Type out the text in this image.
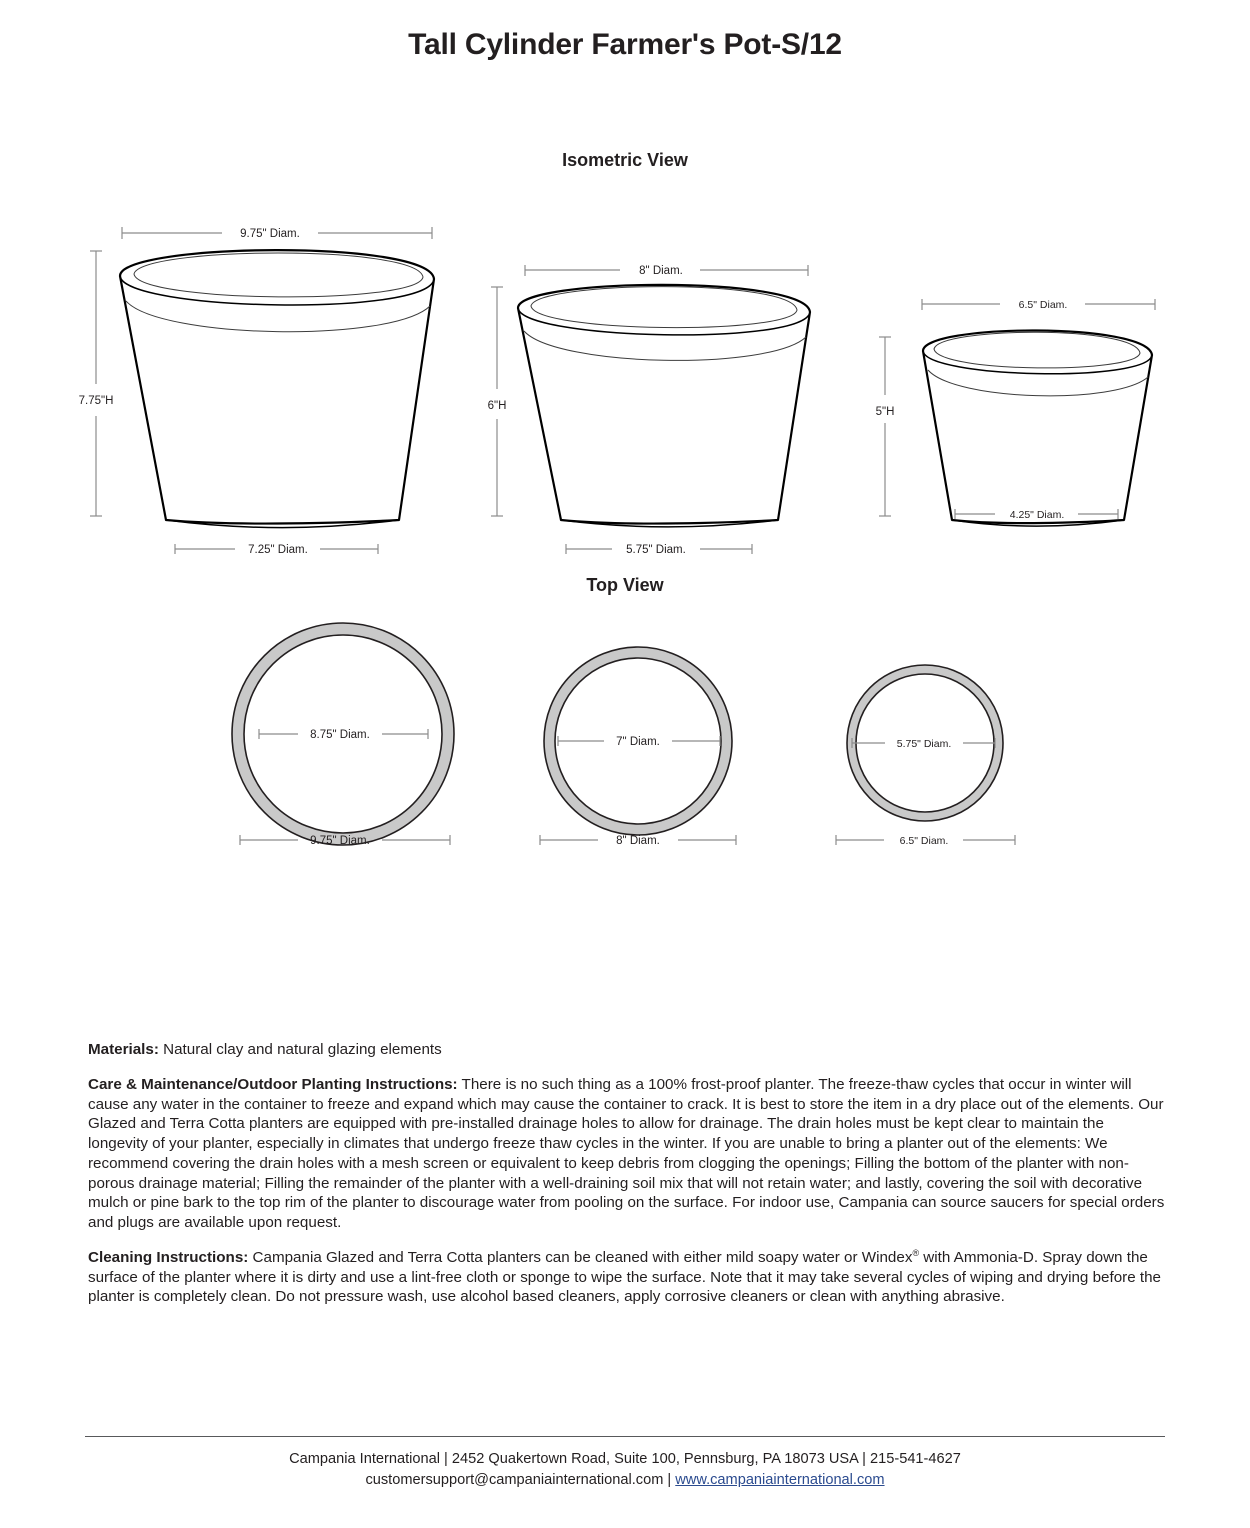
Tall Cylinder Farmer's Pot-S/12
Isometric View
9.75" Diam.
7.75"H
7.25" Diam.
8" Diam.
6"H
5.75" Diam.
6.5" Diam.
5"H
4.25" Diam.
Top View
8.75" Diam.
9.75" Diam.
7" Diam.
8" Diam.
5.75" Diam.
6.5" Diam.

Materials: Natural clay and natural glazing elements

Care & Maintenance/Outdoor Planting Instructions: There is no such thing as a 100% frost-proof planter. The freeze-thaw cycles that occur in winter will cause any water in the container to freeze and expand which may cause the container to crack. It is best to store the item in a dry place out of the elements. Our Glazed and Terra Cotta planters are equipped with pre-installed drainage holes to allow for drainage. The drain holes must be kept clear to maintain the longevity of your planter, especially in climates that undergo freeze thaw cycles in the winter. If you are unable to bring a planter out of the elements: We recommend covering the drain holes with a mesh screen or equivalent to keep debris from clogging the openings; Filling the bottom of the planter with non-porous drainage material; Filling the remainder of the planter with a well-draining soil mix that will not retain water; and lastly, covering the soil with decorative mulch or pine bark to the top rim of the planter to discourage water from pooling on the surface. For indoor use, Campania can source saucers for special orders and plugs are available upon request.

Cleaning Instructions: Campania Glazed and Terra Cotta planters can be cleaned with either mild soapy water or Windex® with Ammonia-D. Spray down the surface of the planter where it is dirty and use a lint-free cloth or sponge to wipe the surface. Note that it may take several cycles of wiping and drying before the planter is completely clean. Do not pressure wash, use alcohol based cleaners, apply corrosive cleaners or clean with anything abrasive.

Campania International | 2452 Quakertown Road, Suite 100, Pennsburg, PA 18073 USA | 215-541-4627
customersupport@campaniainternational.com | www.campaniainternational.com
